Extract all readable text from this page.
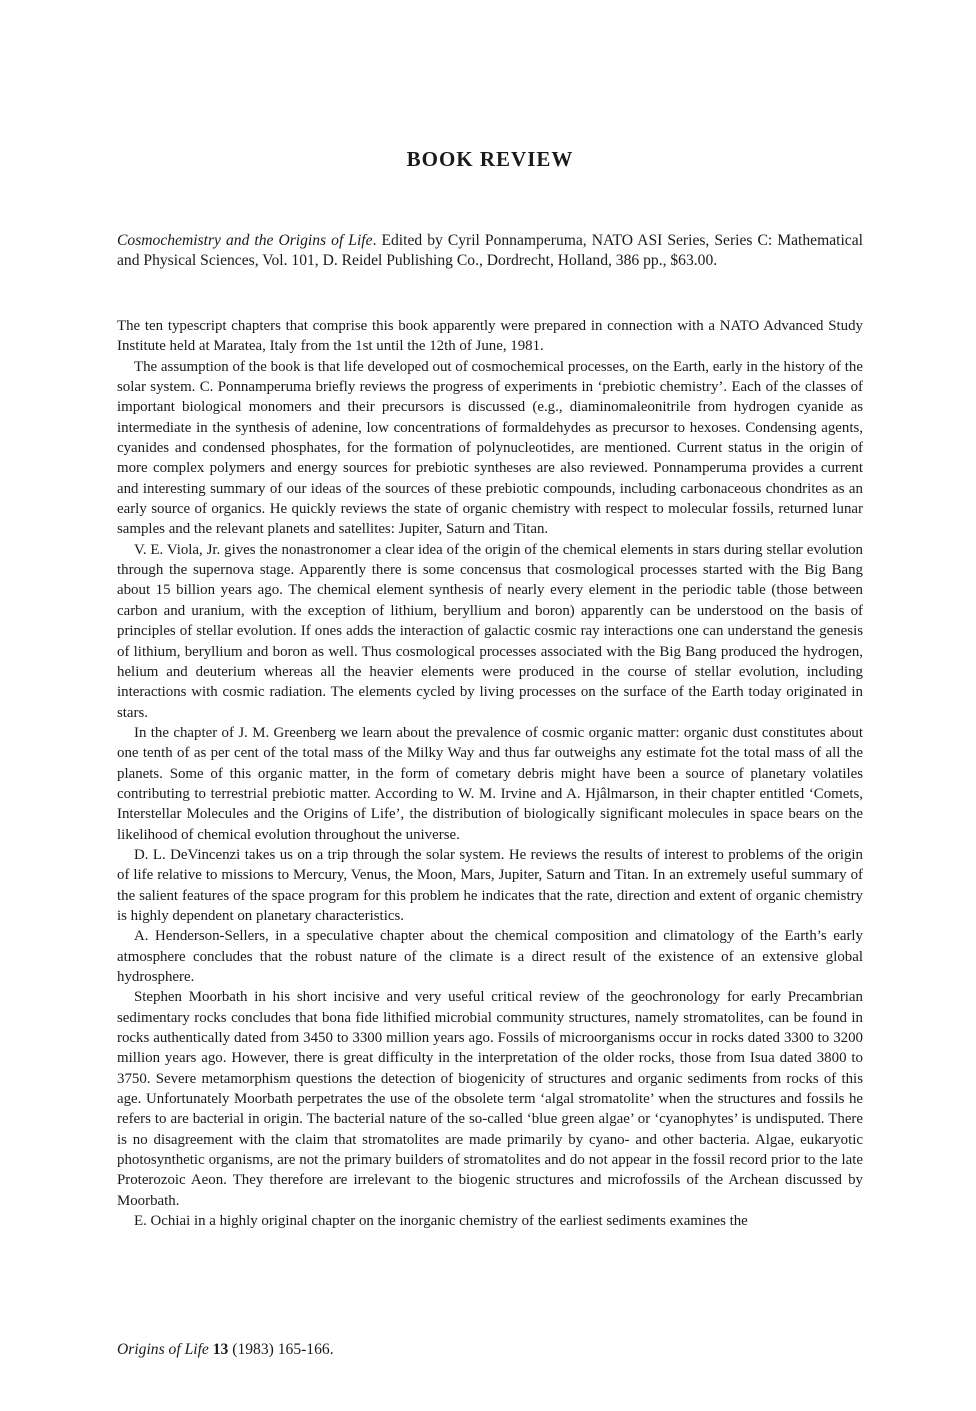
BOOK REVIEW

Cosmochemistry and the Origins of Life. Edited by Cyril Ponnamperuma, NATO ASI Series, Series C: Mathematical and Physical Sciences, Vol. 101, D. Reidel Publishing Co., Dordrecht, Holland, 386 pp., $63.00.

The ten typescript chapters that comprise this book apparently were prepared in connection with a NATO Advanced Study Institute held at Maratea, Italy from the 1st until the 12th of June, 1981.

The assumption of the book is that life developed out of cosmochemical processes, on the Earth, early in the history of the solar system. C. Ponnamperuma briefly reviews the progress of experiments in ‘prebiotic chemistry’. Each of the classes of important biological monomers and their precursors is discussed (e.g., diaminomaleonitrile from hydrogen cyanide as intermediate in the synthesis of adenine, low concentrations of formaldehydes as precursor to hexoses. Condensing agents, cyanides and condensed phosphates, for the formation of polynucleotides, are mentioned. Current status in the origin of more complex polymers and energy sources for prebiotic syntheses are also reviewed. Ponnamperuma provides a current and interesting summary of our ideas of the sources of these prebiotic compounds, including carbonaceous chondrites as an early source of organics. He quickly reviews the state of organic chemistry with respect to molecular fossils, returned lunar samples and the relevant planets and satellites: Jupiter, Saturn and Titan.

V. E. Viola, Jr. gives the nonastronomer a clear idea of the origin of the chemical elements in stars during stellar evolution through the supernova stage. Apparently there is some concensus that cosmological processes started with the Big Bang about 15 billion years ago. The chemical element synthesis of nearly every element in the periodic table (those between carbon and uranium, with the exception of lithium, beryllium and boron) apparently can be understood on the basis of principles of stellar evolution. If ones adds the interaction of galactic cosmic ray interactions one can understand the genesis of lithium, beryllium and boron as well. Thus cosmological processes associated with the Big Bang produced the hydrogen, helium and deuterium whereas all the heavier elements were produced in the course of stellar evolution, including interactions with cosmic radiation. The elements cycled by living processes on the surface of the Earth today originated in stars.

In the chapter of J. M. Greenberg we learn about the prevalence of cosmic organic matter: organic dust constitutes about one tenth of as per cent of the total mass of the Milky Way and thus far outweighs any estimate fot the total mass of all the planets. Some of this organic matter, in the form of cometary debris might have been a source of planetary volatiles contributing to terrestrial prebiotic matter. According to W. M. Irvine and A. Hjâlmarson, in their chapter entitled ‘Comets, Interstellar Molecules and the Origins of Life’, the distribution of biologically significant molecules in space bears on the likelihood of chemical evolution throughout the universe.

D. L. DeVincenzi takes us on a trip through the solar system. He reviews the results of interest to problems of the origin of life relative to missions to Mercury, Venus, the Moon, Mars, Jupiter, Saturn and Titan. In an extremely useful summary of the salient features of the space program for this problem he indicates that the rate, direction and extent of organic chemistry is highly dependent on planetary characteristics.

A. Henderson-Sellers, in a speculative chapter about the chemical composition and climatology of the Earth’s early atmosphere concludes that the robust nature of the climate is a direct result of the existence of an extensive global hydrosphere.

Stephen Moorbath in his short incisive and very useful critical review of the geochronology for early Precambrian sedimentary rocks concludes that bona fide lithified microbial community structures, namely stromatolites, can be found in rocks authentically dated from 3450 to 3300 million years ago. Fossils of microorganisms occur in rocks dated 3300 to 3200 million years ago. However, there is great difficulty in the interpretation of the older rocks, those from Isua dated 3800 to 3750. Severe metamorphism questions the detection of biogenicity of structures and organic sediments from rocks of this age. Unfortunately Moorbath perpetrates the use of the obsolete term ‘algal stromatolite’ when the structures and fossils he refers to are bacterial in origin. The bacterial nature of the so-called ‘blue green algae’ or ‘cyanophytes’ is undisputed. There is no disagreement with the claim that stromatolites are made primarily by cyano- and other bacteria. Algae, eukaryotic photosynthetic organisms, are not the primary builders of stromatolites and do not appear in the fossil record prior to the late Proterozoic Aeon. They therefore are irrelevant to the biogenic structures and microfossils of the Archean discussed by Moorbath.

E. Ochiai in a highly original chapter on the inorganic chemistry of the earliest sediments examines the

Origins of Life 13 (1983) 165-166.
